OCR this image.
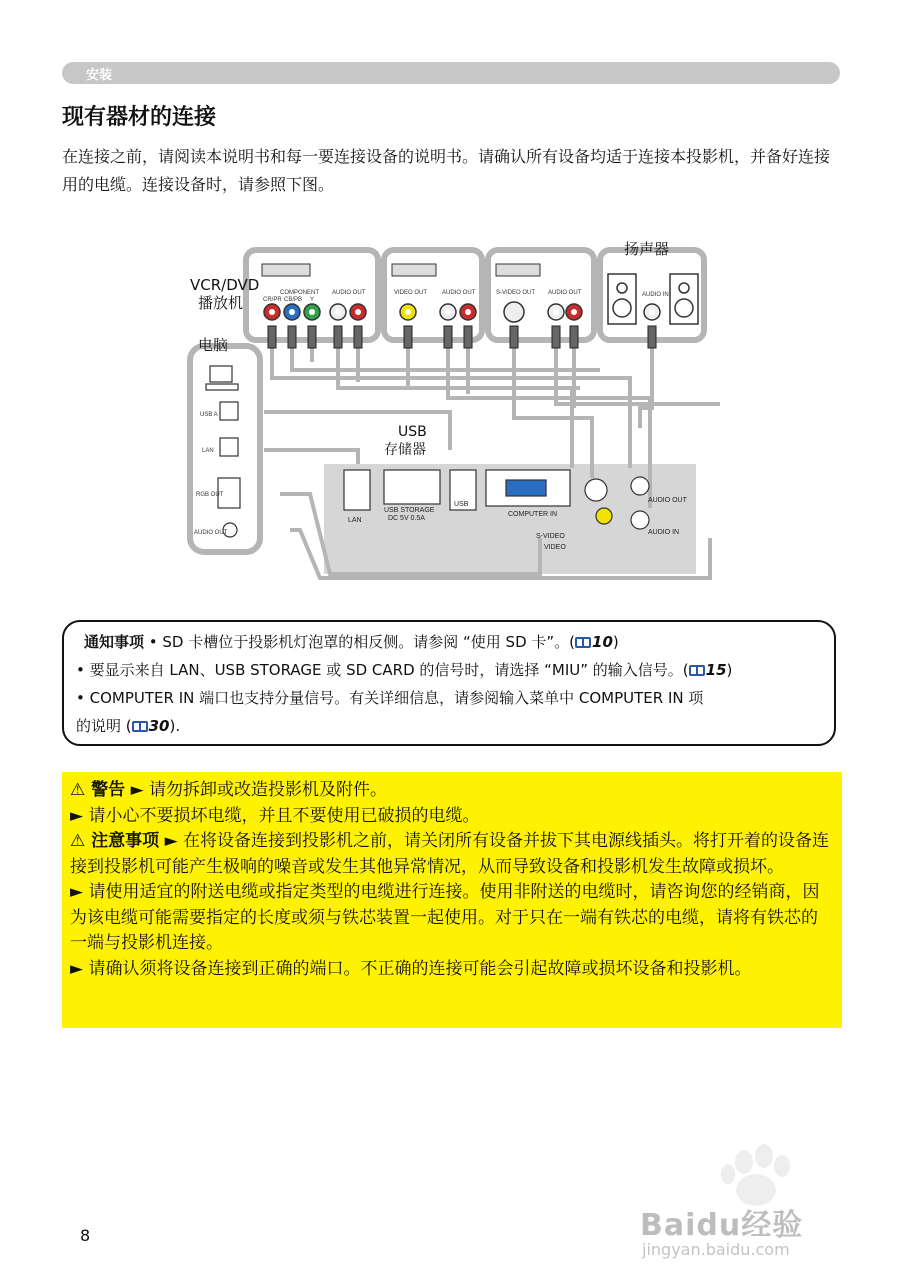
安装
现有器材的连接
在连接之前，请阅读本说明书和每一要连接设备的说明书。请确认所有设备均适于连接本投影机，并备好连接用的电缆。连接设备时，请参照下图。
COMPONENT
CR/PR CB/PB Y
AUDIO OUT	VIDEO OUT AUDIO OUT	S-VIDEO OUT AUDIO OUT	AUDIO IN
USB A
LAN
RGB OUT
AUDIO OUT
LAN
USB STORAGE
DC 5V 0.5A
USB
COMPUTER IN
S-VIDEO
VIDEO
AUDIO OUT
AUDIO IN
VCR/DVD
播放机
扬声器
电脑
USB
存储器
通知事项 • SD 卡槽位于投影机灯泡罩的相反侧。请参阅 “使用 SD 卡”。( 10)
• 要显示来自 LAN、USB STORAGE 或 SD CARD 的信号时，请选择 “MIU” 的输入信号。( 15)
• COMPUTER IN 端口也支持分量信号。有关详细信息，请参阅输入菜单中 COMPUTER IN 项
的说明 ( 30).
⚠ 警告 ► 请勿拆卸或改造投影机及附件。
► 请小心不要损坏电缆，并且不要使用已破损的电缆。
⚠ 注意事项 ► 在将设备连接到投影机之前，请关闭所有设备并拔下其电源线插头。将打开着的设备连接到投影机可能产生极响的噪音或发生其他异常情况，从而导致设备和投影机发生故障或损坏。
► 请使用适宜的附送电缆或指定类型的电缆进行连接。使用非附送的电缆时，请咨询您的经销商，因为该电缆可能需要指定的长度或须与铁芯装置一起使用。对于只在一端有铁芯的电缆，请将有铁芯的一端与投影机连接。
► 请确认须将设备连接到正确的端口。不正确的连接可能会引起故障或损坏设备和投影机。
8	Baidu经验
jingyan.baidu.com
